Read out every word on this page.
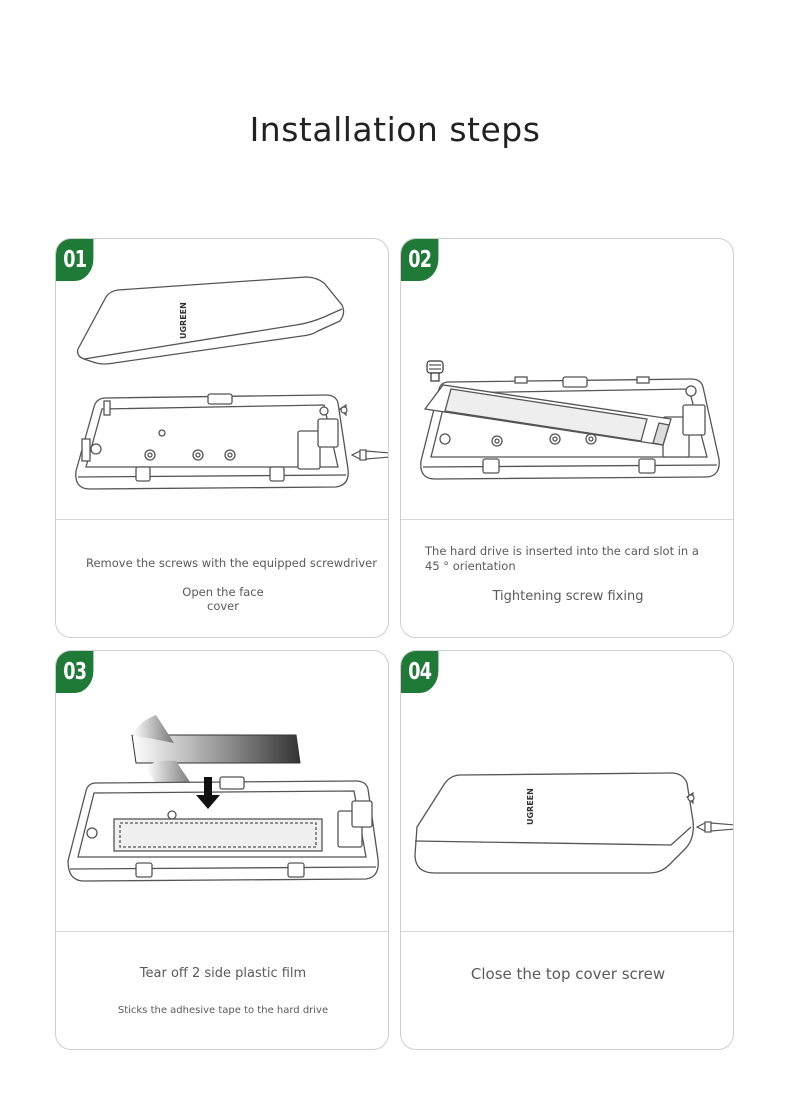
Installation steps
UGREEN
01
Remove the screws with the equipped screwdriver
Open the face
cover
02
The hard drive is inserted into the card slot in a
45 ° orientation
Tightening screw fixing
03
Tear off 2 side plastic film
Sticks the adhesive tape to the hard drive
UGREEN
04
Close the top cover screw
